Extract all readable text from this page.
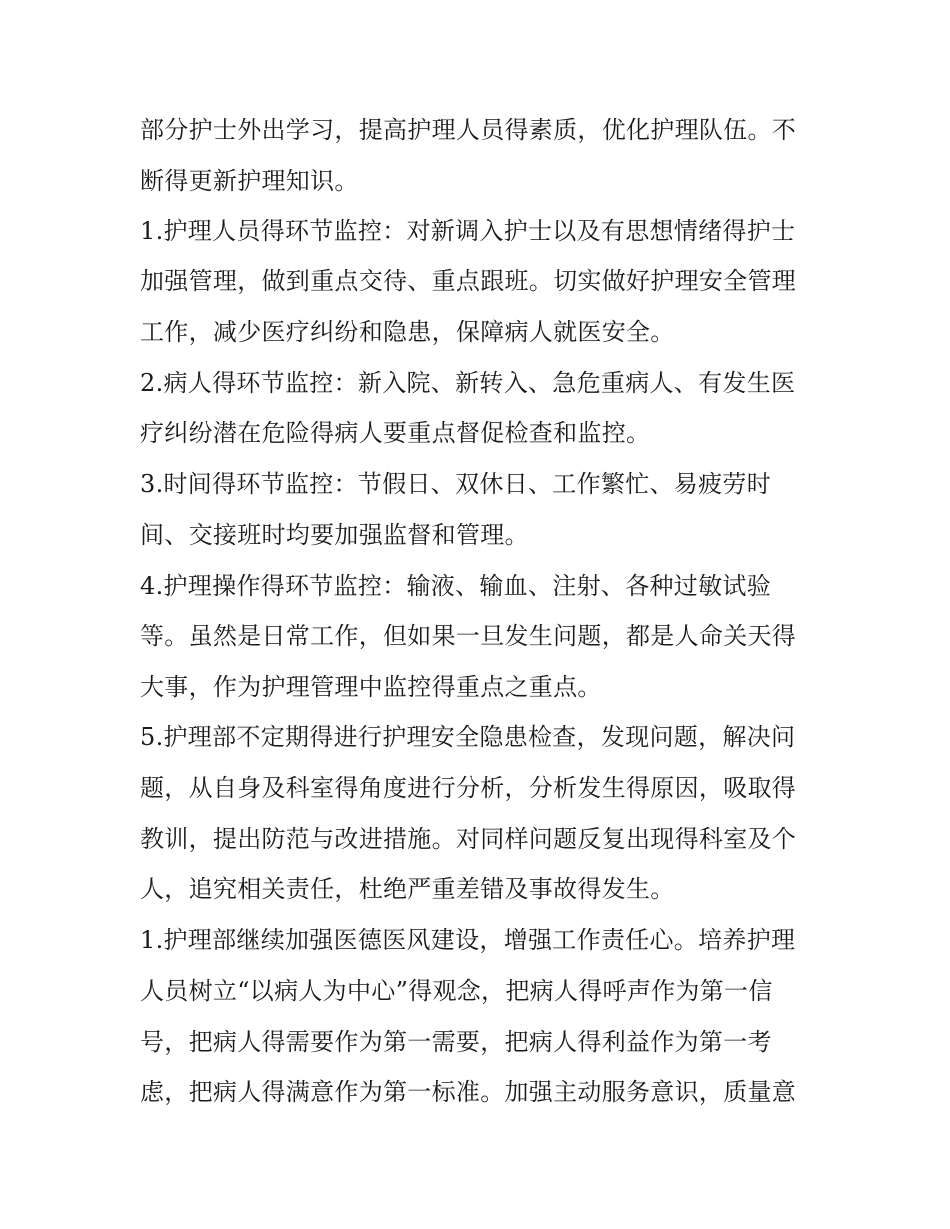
部分护士外出学习，提高护理人员得素质，优化护理队伍。不
断得更新护理知识。
1.护理人员得环节监控：对新调入护士以及有思想情绪得护士
加强管理，做到重点交待、重点跟班。切实做好护理安全管理
工作，减少医疗纠纷和隐患，保障病人就医安全。
2.病人得环节监控：新入院、新转入、急危重病人、有发生医
疗纠纷潜在危险得病人要重点督促检查和监控。
3.时间得环节监控：节假日、双休日、工作繁忙、易疲劳时
间、交接班时均要加强监督和管理。
4.护理操作得环节监控：输液、输血、注射、各种过敏试验
等。虽然是日常工作，但如果一旦发生问题，都是人命关天得
大事，作为护理管理中监控得重点之重点。
5.护理部不定期得进行护理安全隐患检查，发现问题，解决问
题，从自身及科室得角度进行分析，分析发生得原因，吸取得
教训，提出防范与改进措施。对同样问题反复出现得科室及个
人，追究相关责任，杜绝严重差错及事故得发生。
1.护理部继续加强医德医风建设，增强工作责任心。培养护理
人员树立“以病人为中心”得观念，把病人得呼声作为第一信
号，把病人得需要作为第一需要，把病人得利益作为第一考
虑，把病人得满意作为第一标准。加强主动服务意识，质量意
